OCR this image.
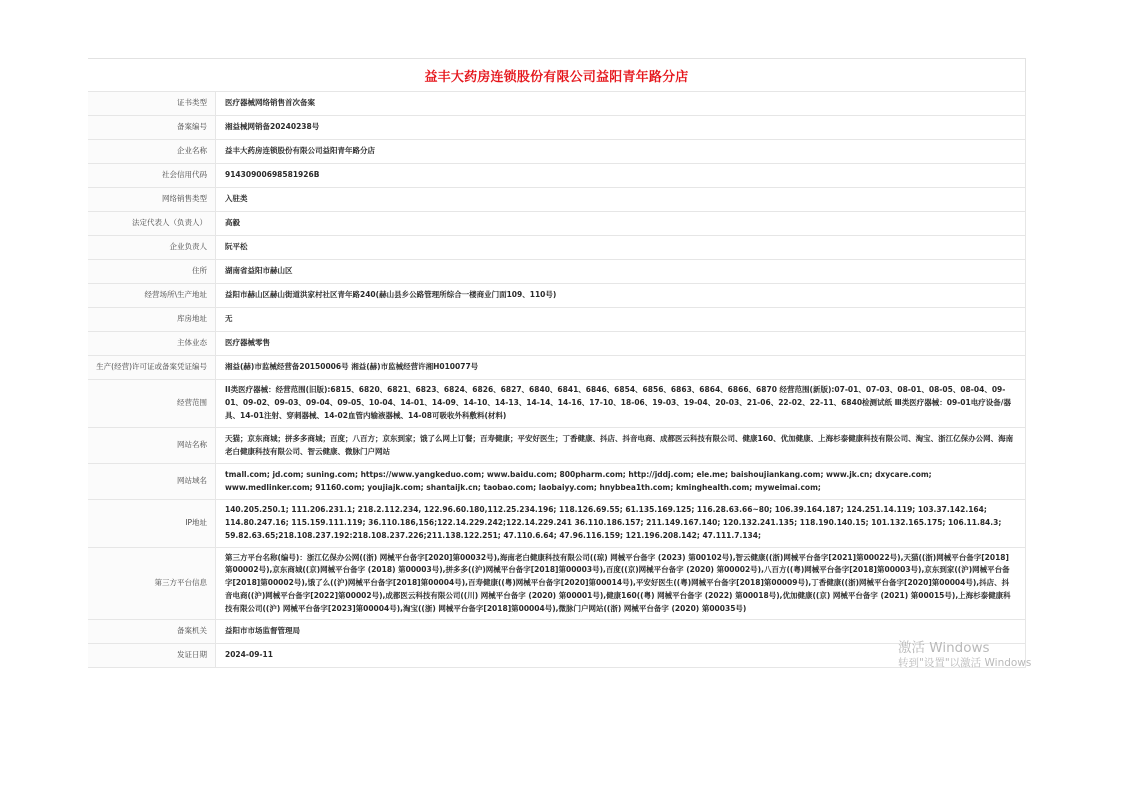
益丰大药房连锁股份有限公司益阳青年路分店
证书类型	医疗器械网络销售首次备案
备案编号	湘益械网销备20240238号
企业名称	益丰大药房连锁股份有限公司益阳青年路分店
社会信用代码	91430900698581926B
网络销售类型	入驻类
法定代表人（负责人）	高毅
企业负责人	阮平松
住所	湖南省益阳市赫山区
经营场所\生产地址	益阳市赫山区赫山街道洪家村社区青年路240(赫山县乡公路管理所综合一楼商业门面109、110号)
库房地址	无
主体业态	医疗器械零售
生产(经营)许可证或备案凭证编号	湘益(赫)市监械经营备20150006号 湘益(赫)市监械经营许湘H010077号
经营范围	II类医疗器械：经营范围(旧版):6815、6820、6821、6823、6824、6826、6827、6840、6841、6846、6854、6856、6863、6864、6866、6870 经营范围(新版):07-01、07-03、08-01、08-05、08-04、09-01、09-02、09-03、09-04、09-05、10-04、14-01、14-09、14-10、14-13、14-14、14-16、17-10、18-06、19-03、19-04、20-03、21-06、22-02、22-11、6840检测试纸 Ⅲ类医疗器械：09-01电疗设备/器具、14-01注射、穿刺器械、14-02血管内输液器械、14-08可吸收外科敷料(材料)
网站名称	天猫；京东商城；拼多多商城；百度；八百方；京东到家；饿了么网上订餐；百寿健康；平安好医生；丁香健康、抖店、抖音电商、成都医云科技有限公司、健康160、优加健康、上海杉泰健康科技有限公司、淘宝、浙江亿保办公网、海南老白健康科技有限公司、智云健康、微脉门户网站
网站域名	tmall.com; jd.com; suning.com; https://www.yangkeduo.com; www.baidu.com; 800pharm.com; http://jddj.com; ele.me; baishoujiankang.com; www.jk.cn; dxycare.com; www.medlinker.com; 91160.com; youjiajk.com; shantaijk.cn; taobao.com; laobaiyy.com; hnybbea1th.com; kminghealth.com; myweimai.com;
IP地址	140.205.250.1; 111.206.231.1; 218.2.112.234, 122.96.60.180,112.25.234.196; 118.126.69.55; 61.135.169.125; 116.28.63.66~80; 106.39.164.187; 124.251.14.119; 103.37.142.164; 114.80.247.16; 115.159.111.119; 36.110.186,156;122.14.229.242;122.14.229.241 36.110.186.157; 211.149.167.140; 120.132.241.135; 118.190.140.15; 101.132.165.175; 106.11.84.3; 59.82.63.65;218.108.237.192:218.108.237.226;211.138.122.251; 47.110.6.64; 47.96.116.159; 121.196.208.142; 47.111.7.134;
第三方平台信息	第三方平台名称(编号)：浙江亿保办公网((浙) 网械平台备字[2020]第00032号),海南老白健康科技有限公司((琼) 网械平台备字 (2023) 第00102号),智云健康((浙)网械平台备字[2021]第00022号),天猫((浙)网械平台备字[2018]第00002号),京东商城((京)网械平台备字 (2018) 第00003号),拼多多((沪)网械平台备字[2018]第00003号),百度((京)网械平台备字 (2020) 第00002号),八百方((粤)网械平台备字[2018]第00003号),京东到家((沪)网械平台备字[2018]第00002号),饿了么((沪)网械平台备字[2018]第00004号),百寿健康((粤)网械平台备字[2020]第00014号),平安好医生((粤)网械平台备字[2018]第00009号),丁香健康((浙)网械平台备字[2020]第00004号),抖店、抖音电商((沪)网械平台备字[2022]第00002号),成都医云科技有限公司((川) 网械平台备字 (2020) 第00001号),健康160((粤) 网械平台备字 (2022) 第00018号),优加健康((京) 网械平台备字 (2021) 第00015号),上海杉泰健康科技有限公司((沪) 网械平台备字[2023]第00004号),淘宝((浙) 网械平台备字[2018]第00004号),微脉门户网站((浙) 网械平台备字 (2020) 第00035号)
备案机关	益阳市市场监督管理局
发证日期	2024-09-11	激活 Windows
转到"设置"以激活 Windows
